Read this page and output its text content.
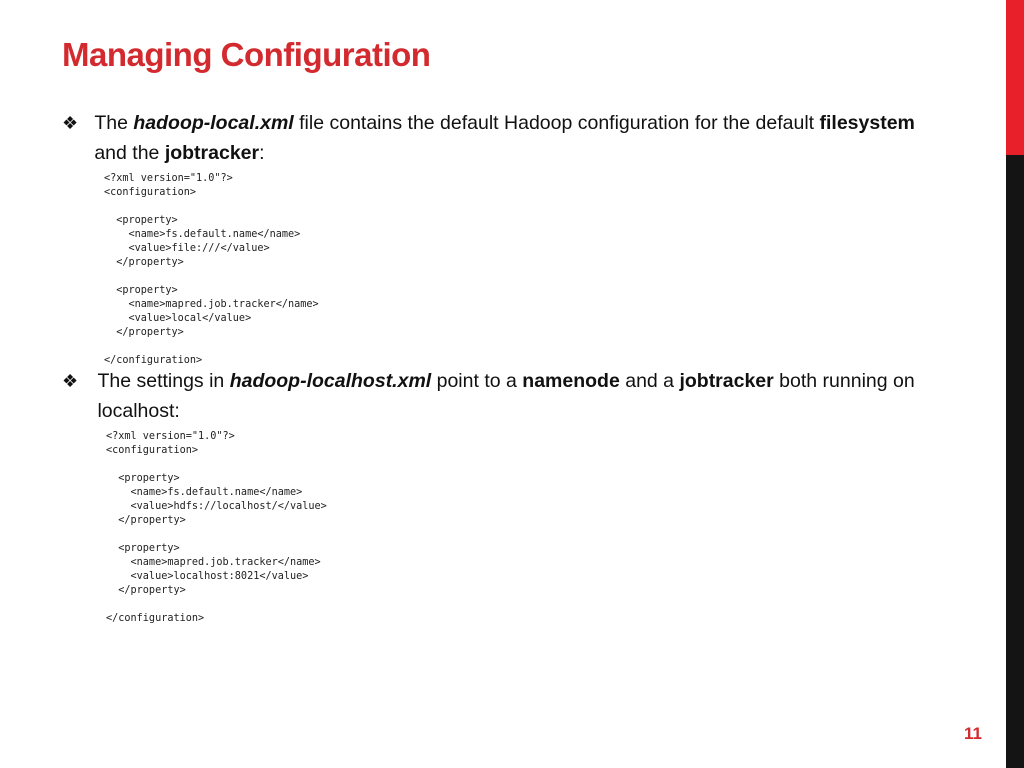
Managing Configuration
❖ The hadoop-local.xml file contains the default Hadoop configuration for the default filesystem and the jobtracker:
<?xml version="1.0"?>
<configuration>

<property>
<name>fs.default.name</name>
<value>file:///</value>
</property>

<property>
<name>mapred.job.tracker</name>
<value>local</value>
</property>

</configuration>
❖ The settings in hadoop-localhost.xml point to a namenode and a jobtracker both running on localhost:
<?xml version="1.0"?>
<configuration>

<property>
<name>fs.default.name</name>
<value>hdfs://localhost/</value>
</property>

<property>
<name>mapred.job.tracker</name>
<value>localhost:8021</value>
</property>

</configuration>
11
